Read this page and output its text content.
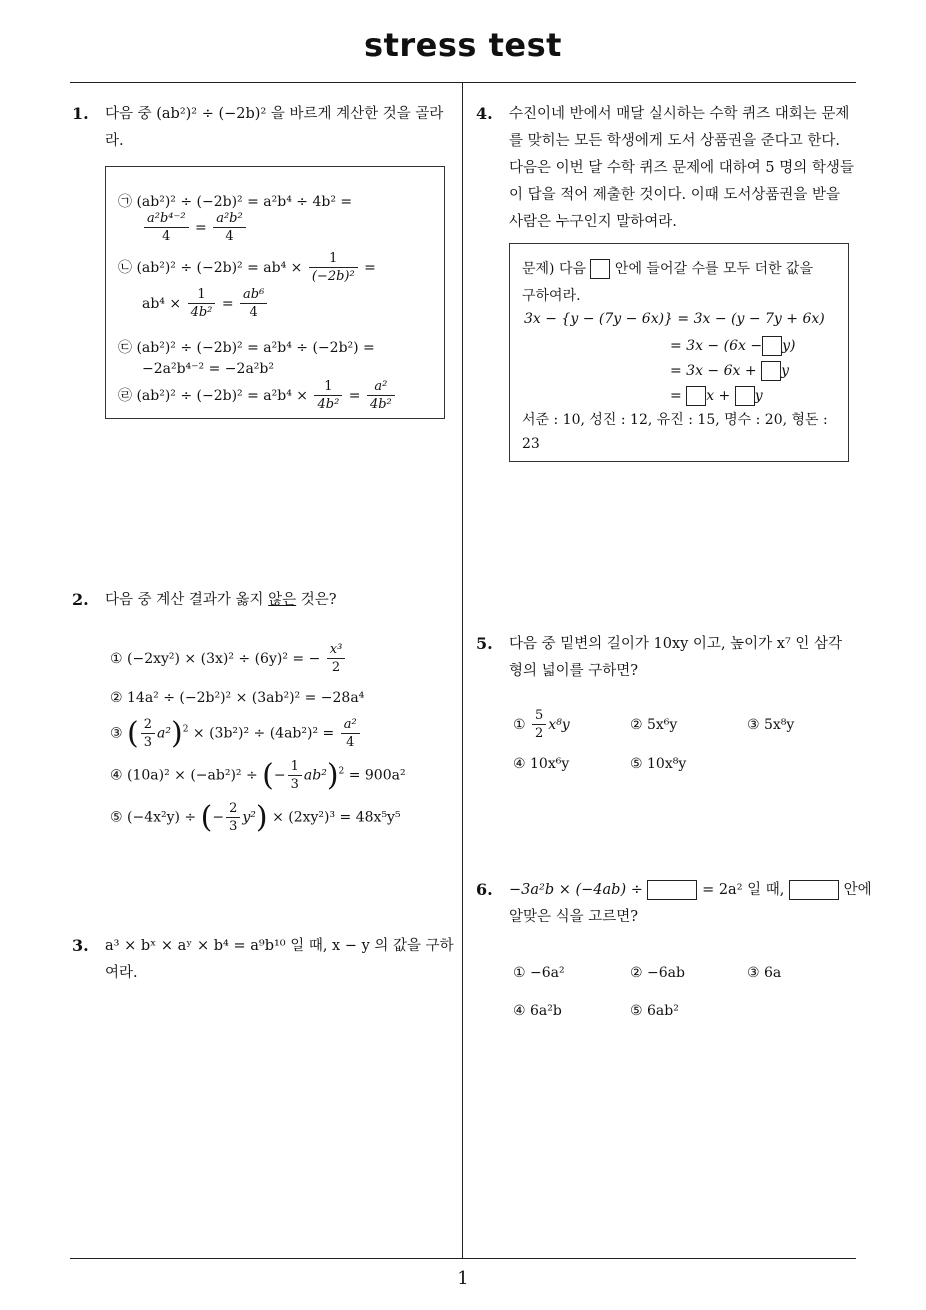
stress test
1
1. 다음 중 (ab²)² ÷ (−2b)² 을 바르게 계산한 것을 골라
라.
㉠ (ab²)² ÷ (−2b)² = a²b⁴ ÷ 4b² =
$\frac{\text{a²b⁴⁻²}}{4} = \frac{\text{a²b²}}{4}$
㉡ $(ab^2)^2 \div (-2b)^2 = ab^4 \times \frac{1}{\text{(−2b)²}}$ =
$ab^4 \times \frac{1}{\text{4b²}} = \frac{\text{ab⁶}}{4}$
㉢ (ab²)² ÷ (−2b)² = a²b⁴ ÷ (−2b²) =
−2a²b⁴⁻² = −2a²b²
㉣ $(ab^2)^2 \div (-2b)^2 = a^2b^4 \times \frac{1}{\text{4b²}} = \frac{\text{a²}}{\text{4b²}}$
2. 다음 중 계산 결과가 옳지 않은 것은?
① (−2xy²) × (3x)² ÷ (6y)² = − $\frac{\text{x³}}{2}$
② 14a² ÷ (−2b²)² × (3ab²)² = −28a⁴
③ ( $\frac{2}{3} a^2)^2 \times (3b^2)^2 \div (4ab^2)^2 = \frac{\text{a²}}{4}$
④ (10a)² × (−ab²)² ÷ (− $\frac{1}{3} ab^2)^2 = 900a^2$
⑤ (−4x²y) ÷ (− $\frac{2}{3} y^2) \times (2xy^2)^3 = 48x^5y^5$
3. a³ × bˣ × aʸ × b⁴ = a⁹b¹⁰ 일 때, x − y 의 값을 구하
여라.
4. 수진이네 반에서 매달 실시하는 수학 퀴즈 대회는 문제
를 맞히는 모든 학생에게 도서 상품권을 준다고 한다.
다음은 이번 달 수학 퀴즈 문제에 대하여 5 명의 학생들
이 답을 적어 제출한 것이다. 이때 도서상품권을 받을
사람은 누구인지 말하여라.
문제) 다음 안에 들어갈 수를 모두 더한 값을
구하여라.
3x − {y − (7y − 6x)} = 3x − (y − 7y + 6x)
= 3x − (6x − y)
= 3x − 6x + y
= x + y
서준 : 10, 성진 : 12, 유진 : 15, 명수 : 20, 형돈 :
23
5. 다음 중 밑변의 길이가 10xy 이고, 높이가 x⁷ 인 삼각
형의 넓이를 구하면?
① $\frac{5}{2} x^8y$	② 5x⁶y	③ 5x⁸y
④ 10x⁶y	⑤ 10x⁸y
6. −3a²b × (−4ab) ÷	= 2a² 일 때,	안에
알맞은 식을 고르면?
① −6a²	② −6ab	③ 6a
④ 6a²b	⑤ 6ab²
